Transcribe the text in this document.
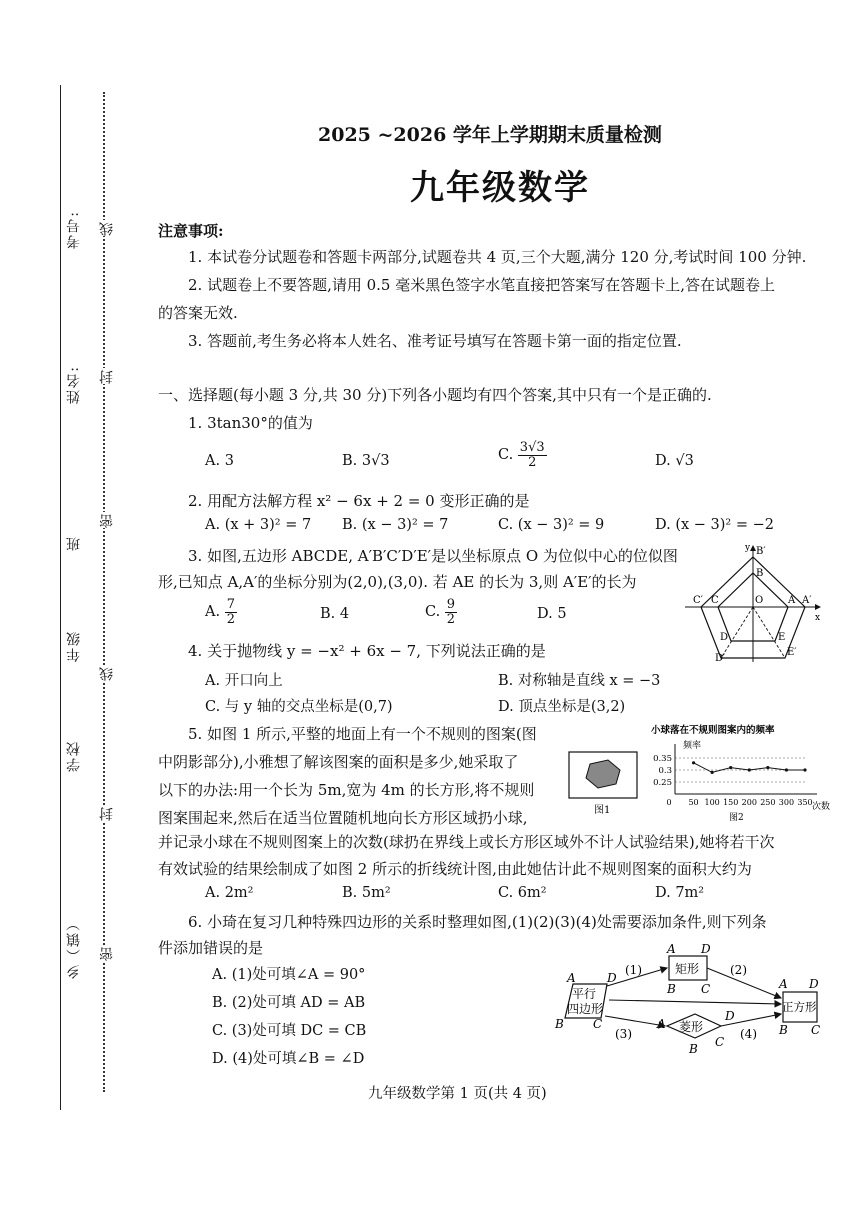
考号:
姓名:
班
年级
学校
乡（镇）
线
封
密
线
封
密
2025 ~2026 学年上学期期末质量检测
九年级数学
注意事项:
1. 本试卷分试题卷和答题卡两部分,试题卷共 4 页,三个大题,满分 120 分,考试时间 100 分钟.
2. 试题卷上不要答题,请用 0.5 毫米黑色签字水笔直接把答案写在答题卡上,答在试题卷上
的答案无效.
3. 答题前,考生务必将本人姓名、准考证号填写在答题卡第一面的指定位置.
一、选择题(每小题 3 分,共 30 分)下列各小题均有四个答案,其中只有一个是正确的.
1. 3tan30°的值为
A. 3	B. 3√3	C. $\frac{3√3}{2}$	D. √3
2. 用配方法解方程 x² − 6x + 2 = 0 变形正确的是
A. (x + 3)² = 7 B. (x − 3)² = 7	C. (x − 3)² = 9	D. (x − 3)² = −2
3. 如图,五边形 ABCDE, A′B′C′D′E′是以坐标原点 O 为位似中心的位似图
形,已知点 A,A′的坐标分别为(2,0),(3,0). 若 AE 的长为 3,则 A′E′的长为
A. $\frac{7}{2}$	B. 4	C. $\frac{9}{2}$	D. 5
B′
B
C′ C	O A A′
D	E
D′
E′
y
x
4. 关于抛物线 y = −x² + 6x − 7, 下列说法正确的是
A. 开口向上	B. 对称轴是直线 x = −3
C. 与 y 轴的交点坐标是(0,7)	D. 顶点坐标是(3,2)
5. 如图 1 所示,平整的地面上有一个不规则的图案(图
中阴影部分),小雅想了解该图案的面积是多少,她采取了
以下的办法:用一个长为 5m,宽为 4m 的长方形,将不规则
图案围起来,然后在适当位置随机地向长方形区域扔小球,
并记录小球在不规则图案上的次数(球扔在界线上或长方形区域外不计人试验结果),她将若干次
有效试验的结果绘制成了如图 2 所示的折线统计图,由此她估计此不规则图案的面积大约为
A. 2m²	B. 5m²	C. 6m²	D. 7m²
图1
小球落在不规则图案内的频率
频率
次数
图2
0.35
0.3
0.25
0 50 100 150 200 250 300 350
6. 小琦在复习几种特殊四边形的关系时整理如图,(1)(2)(3)(4)处需要添加条件,则下列条
件添加错误的是
A. (1)处可填∠A = 90°
B. (2)处可填 AD = AB
C. (3)处可填 DC = CB
D. (4)处可填∠B = ∠D
平行
四边形
A	D
B C
矩形
A D
B C
菱形
A
D
B C
正方形
A D
B C
(1)	(2)
(3)	(4)
九年级数学第 1 页(共 4 页)
